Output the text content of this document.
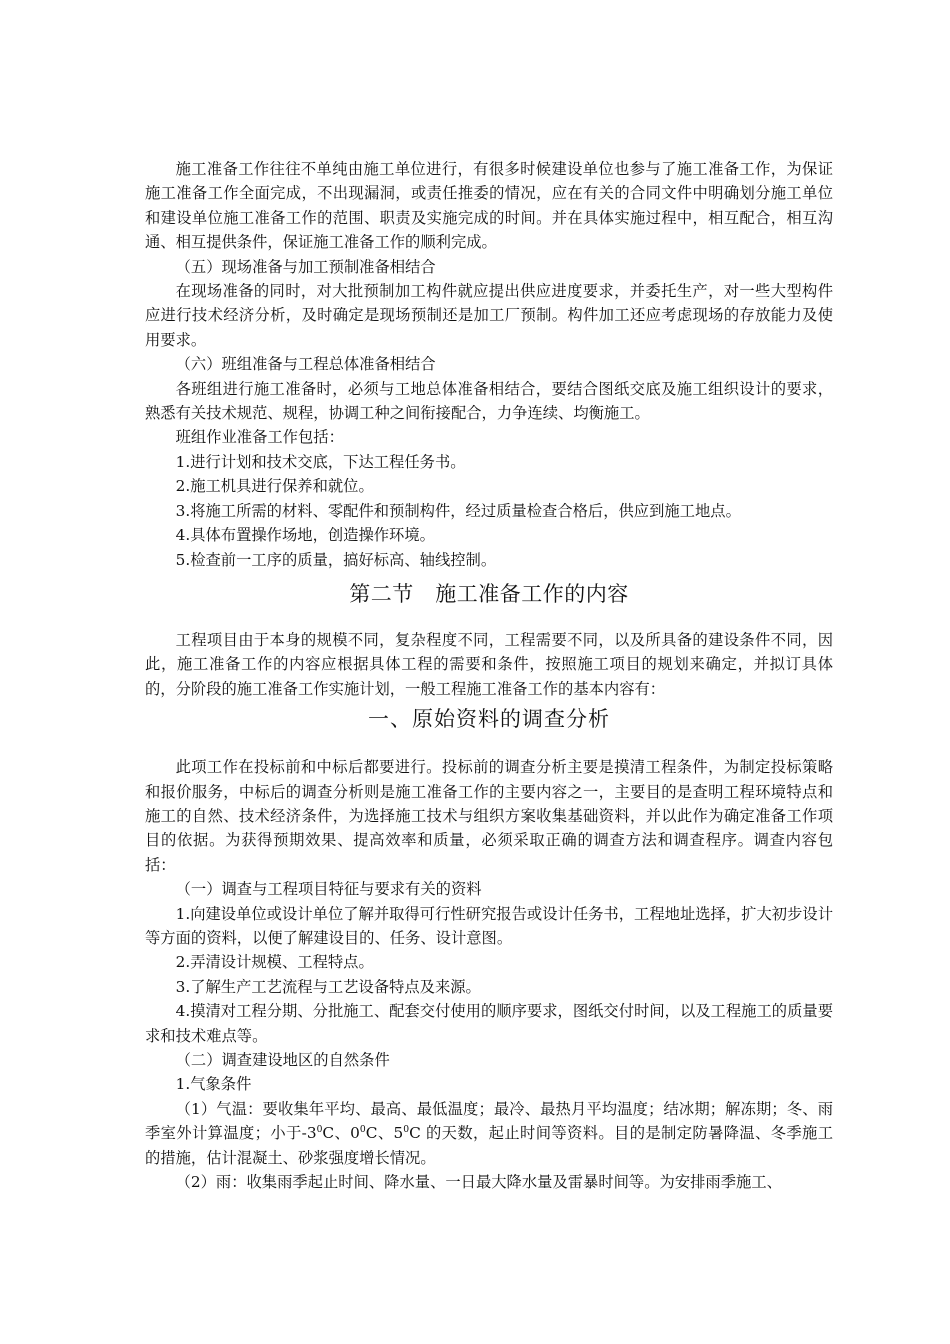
施工准备工作往往不单纯由施工单位进行，有很多时候建设单位也参与了施工准备工作，为保证施工准备工作全面完成，不出现漏洞，或责任推委的情况，应在有关的合同文件中明确划分施工单位和建设单位施工准备工作的范围、职责及实施完成的时间。并在具体实施过程中，相互配合，相互沟通、相互提供条件，保证施工准备工作的顺利完成。

（五）现场准备与加工预制准备相结合

在现场准备的同时，对大批预制加工构件就应提出供应进度要求，并委托生产，对一些大型构件应进行技术经济分析，及时确定是现场预制还是加工厂预制。构件加工还应考虑现场的存放能力及使用要求。

（六）班组准备与工程总体准备相结合

各班组进行施工准备时，必须与工地总体准备相结合，要结合图纸交底及施工组织设计的要求，熟悉有关技术规范、规程，协调工种之间衔接配合，力争连续、均衡施工。

班组作业准备工作包括：

1.进行计划和技术交底，下达工程任务书。

2.施工机具进行保养和就位。

3.将施工所需的材料、零配件和预制构件，经过质量检查合格后，供应到施工地点。

4.具体布置操作场地，创造操作环境。

5.检查前一工序的质量，搞好标高、轴线控制。

第二节　施工准备工作的内容

工程项目由于本身的规模不同，复杂程度不同，工程需要不同，以及所具备的建设条件不同，因此，施工准备工作的内容应根据具体工程的需要和条件，按照施工项目的规划来确定，并拟订具体的，分阶段的施工准备工作实施计划，一般工程施工准备工作的基本内容有：

一、原始资料的调查分析

此项工作在投标前和中标后都要进行。投标前的调查分析主要是摸清工程条件，为制定投标策略和报价服务，中标后的调查分析则是施工准备工作的主要内容之一，主要目的是查明工程环境特点和施工的自然、技术经济条件，为选择施工技术与组织方案收集基础资料，并以此作为确定准备工作项目的依据。为获得预期效果、提高效率和质量，必须采取正确的调查方法和调查程序。调查内容包括：

（一）调查与工程项目特征与要求有关的资料

1.向建设单位或设计单位了解并取得可行性研究报告或设计任务书，工程地址选择，扩大初步设计等方面的资料，以便了解建设目的、任务、设计意图。

2.弄清设计规模、工程特点。

3.了解生产工艺流程与工艺设备特点及来源。

4.摸清对工程分期、分批施工、配套交付使用的顺序要求，图纸交付时间，以及工程施工的质量要求和技术难点等。

（二）调查建设地区的自然条件

1.气象条件

（1）气温：要收集年平均、最高、最低温度；最冷、最热月平均温度；结冰期；解冻期；冬、雨季室外计算温度；小于$-3^0C$、$0^0C$、$5^0C$ 的天数，起止时间等资料。目的是制定防暑降温、冬季施工的措施，估计混凝土、砂浆强度增长情况。

（2）雨：收集雨季起止时间、降水量、一日最大降水量及雷暴时间等。为安排雨季施工、
